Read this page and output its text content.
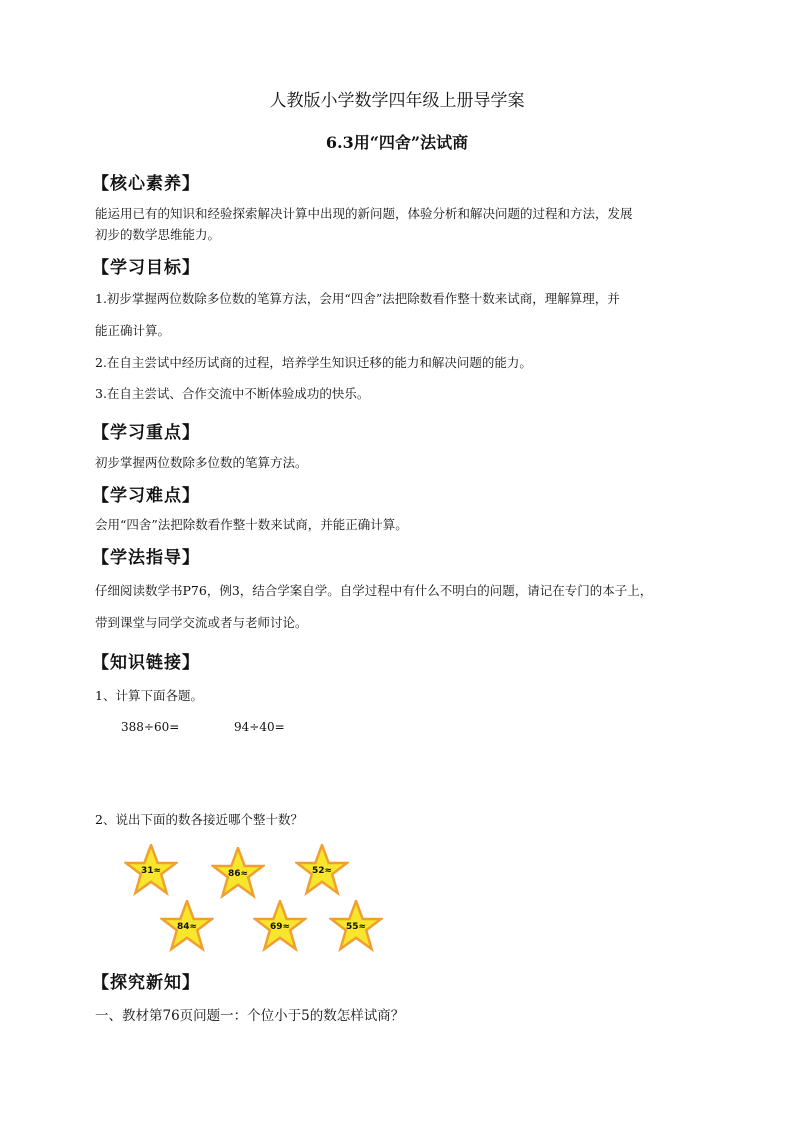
人教版小学数学四年级上册导学案
6.3用“四舍”法试商
【核心素养】
能运用已有的知识和经验探索解决计算中出现的新问题，体验分析和解决问题的过程和方法，发展
初步的数学思维能力。
【学习目标】
1.初步掌握两位数除多位数的笔算方法，会用“四舍”法把除数看作整十数来试商，理解算理，并
能正确计算。
2.在自主尝试中经历试商的过程，培养学生知识迁移的能力和解决问题的能力。
3.在自主尝试、合作交流中不断体验成功的快乐。
【学习重点】
初步掌握两位数除多位数的笔算方法。
【学习难点】
会用“四舍”法把除数看作整十数来试商，并能正确计算。
【学法指导】
仔细阅读数学书P76，例3，结合学案自学。自学过程中有什么不明白的问题，请记在专门的本子上，
带到课堂与同学交流或者与老师讨论。
【知识链接】
1、计算下面各题。
388÷60=	94÷40=
2、说出下面的数各接近哪个整十数？
31≈	86≈	52≈
84≈	69≈	55≈
【探究新知】
一、教材第76页问题一：个位小于5的数怎样试商？
